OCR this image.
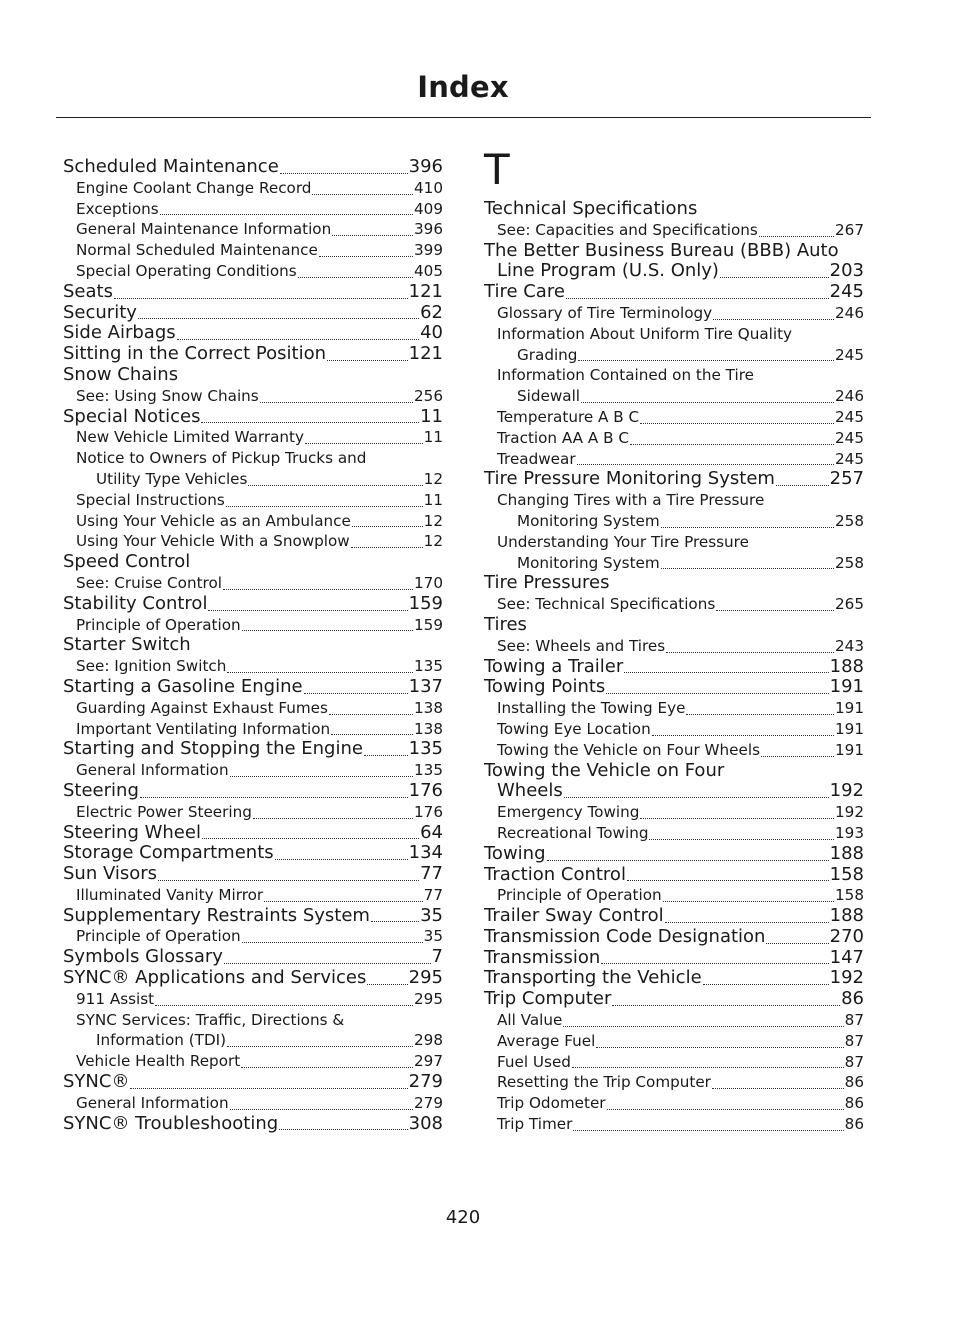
Index
Scheduled Maintenance	396
Engine Coolant Change Record	410
Exceptions	409
General Maintenance Information	396
Normal Scheduled Maintenance	399
Special Operating Conditions	405
Seats	121
Security	62
Side Airbags	40
Sitting in the Correct Position	121
Snow Chains
See: Using Snow Chains	256
Special Notices	11
New Vehicle Limited Warranty	11
Notice to Owners of Pickup Trucks and
Utility Type Vehicles	12
Special Instructions	11
Using Your Vehicle as an Ambulance	12
Using Your Vehicle With a Snowplow	12
Speed Control
See: Cruise Control	170
Stability Control	159
Principle of Operation	159
Starter Switch
See: Ignition Switch	135
Starting a Gasoline Engine	137
Guarding Against Exhaust Fumes	138
Important Ventilating Information	138
Starting and Stopping the Engine	135
General Information	135
Steering	176
Electric Power Steering	176
Steering Wheel	64
Storage Compartments	134
Sun Visors	77
Illuminated Vanity Mirror	77
Supplementary Restraints System	35
Principle of Operation	35
Symbols Glossary	7
SYNC® Applications and Services 295
911 Assist	295
SYNC Services: Traffic, Directions &
Information (TDI)	298
Vehicle Health Report	297
SYNC®	279
General Information	279
SYNC® Troubleshooting	308
T
Technical Specifications
See: Capacities and Specifications	267
The Better Business Bureau (BBB) Auto
Line Program (U.S. Only)	203
Tire Care	245
Glossary of Tire Terminology	246
Information About Uniform Tire Quality
Grading	245
Information Contained on the Tire
Sidewall	246
Temperature A B C	245
Traction AA A B C	245
Treadwear	245
Tire Pressure Monitoring System	257
Changing Tires with a Tire Pressure
Monitoring System	258
Understanding Your Tire Pressure
Monitoring System	258
Tire Pressures
See: Technical Specifications	265
Tires
See: Wheels and Tires	243
Towing a Trailer	188
Towing Points	191
Installing the Towing Eye	191
Towing Eye Location	191
Towing the Vehicle on Four Wheels	191
Towing the Vehicle on Four
Wheels	192
Emergency Towing	192
Recreational Towing	193
Towing	188
Traction Control	158
Principle of Operation	158
Trailer Sway Control	188
Transmission Code Designation	270
Transmission	147
Transporting the Vehicle	192
Trip Computer	86
All Value	87
Average Fuel	87
Fuel Used	87
Resetting the Trip Computer	86
Trip Odometer	86
Trip Timer	86
420
